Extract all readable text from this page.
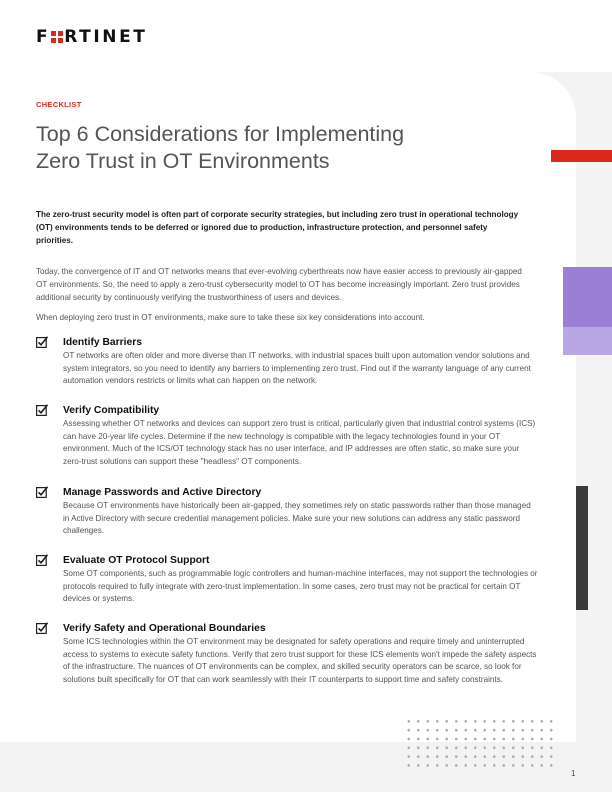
F RTINET
CHECKLIST
Top 6 Considerations for Implementing
Zero Trust in OT Environments

The zero-trust security model is often part of corporate security strategies, but including zero trust in operational technology (OT) environments tends to be deferred or ignored due to production, infrastructure protection, and personnel safety priorities.

Today, the convergence of IT and OT networks means that ever-evolving cyberthreats now have easier access to previously air-gapped OT environments. So, the need to apply a zero-trust cybersecurity model to OT has become increasingly important. Zero trust provides additional security by continuously verifying the trustworthiness of users and devices.

When deploying zero trust in OT environments, make sure to take these six key considerations into account.

Identify Barriers

OT networks are often older and more diverse than IT networks, with industrial spaces built upon automation vendor solutions and system integrators, so you need to identify any barriers to implementing zero trust. Find out if the warranty language of any current automation vendors restricts or limits what can happen on the network.

Verify Compatibility

Assessing whether OT networks and devices can support zero trust is critical, particularly given that industrial control systems (ICS) can have 20-year life cycles. Determine if the new technology is compatible with the legacy technologies found in your OT environment. Much of the ICS/OT technology stack has no user interface, and IP addresses are often static, so make sure your zero-trust solutions can support these "headless" OT components.

Manage Passwords and Active Directory

Because OT environments have historically been air-gapped, they sometimes rely on static passwords rather than those managed in Active Directory with secure credential management policies. Make sure your new solutions can address any static password challenges.

Evaluate OT Protocol Support

Some OT components, such as programmable logic controllers and human-machine interfaces, may not support the technologies or protocols required to fully integrate with zero-trust implementation. In some cases, zero trust may not be practical for certain OT devices or systems.

Verify Safety and Operational Boundaries

Some ICS technologies within the OT environment may be designated for safety operations and require timely and uninterrupted access to systems to execute safety functions. Verify that zero trust support for these ICS elements won't impede the safety aspects of the infrastructure. The nuances of OT environments can be complex, and skilled security operators can be scarce, so look for solutions built specifically for OT that can work seamlessly with their IT counterparts to support time and safety constraints.

1
